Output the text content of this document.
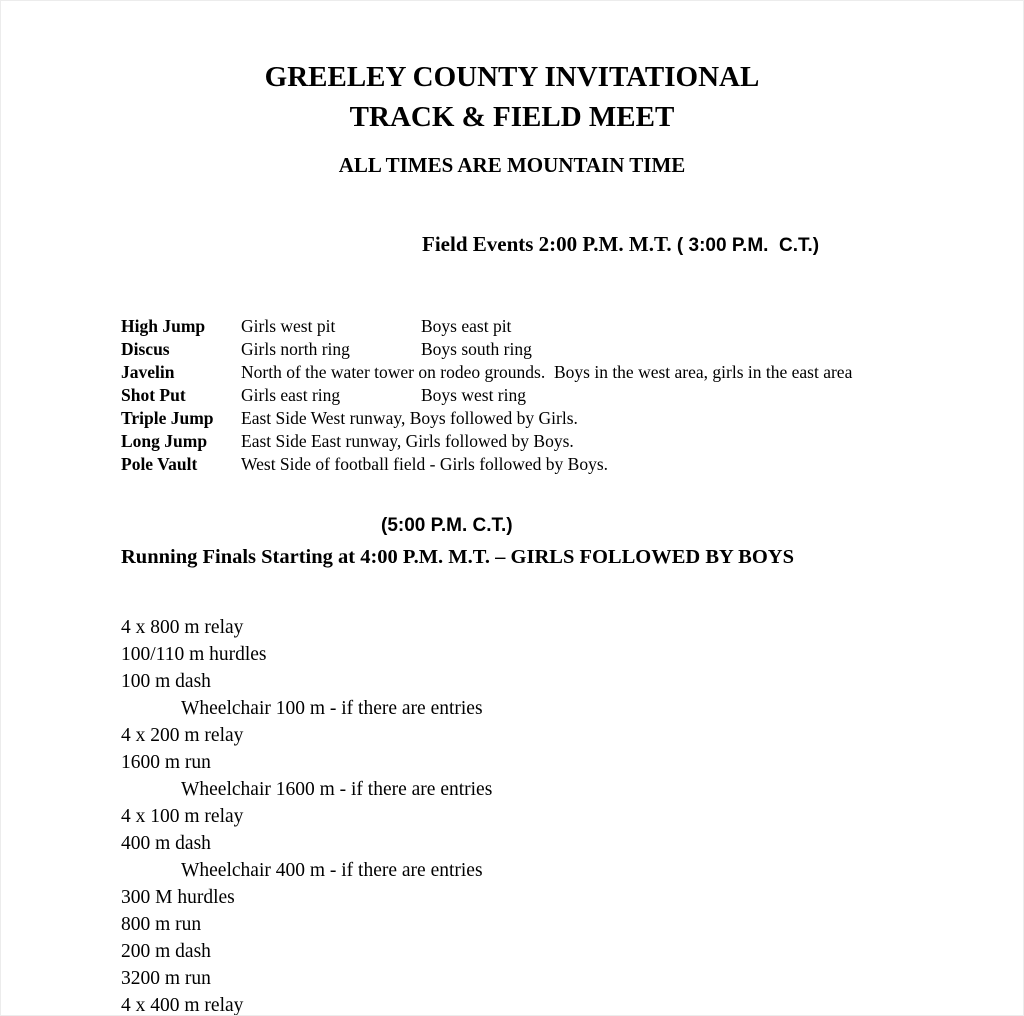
GREELEY COUNTY INVITATIONAL
TRACK & FIELD MEET
ALL TIMES ARE MOUNTAIN TIME

Field Events 2:00 P.M. M.T. ( 3:00 P.M.  C.T.)

High Jump	Girls west pit	Boys east pit
Discus	Girls north ring	Boys south ring
Javelin	North of the water tower on rodeo grounds.  Boys in the west area, girls in the east area
Shot Put	Girls east ring	Boys west ring
Triple Jump	East Side West runway, Boys followed by Girls.
Long Jump	East Side East runway, Girls followed by Boys.
Pole Vault	West Side of football field - Girls followed by Boys.
(5:00 P.M. C.T.)
Running Finals Starting at 4:00 P.M. M.T. – GIRLS FOLLOWED BY BOYS
4 x 800 m relay
100/110 m hurdles
100 m dash
Wheelchair 100 m - if there are entries
4 x 200 m relay
1600 m run
Wheelchair 1600 m - if there are entries
4 x 100 m relay
400 m dash
Wheelchair 400 m - if there are entries
300 M hurdles
800 m run
200 m dash
3200 m run
4 x 400 m relay
